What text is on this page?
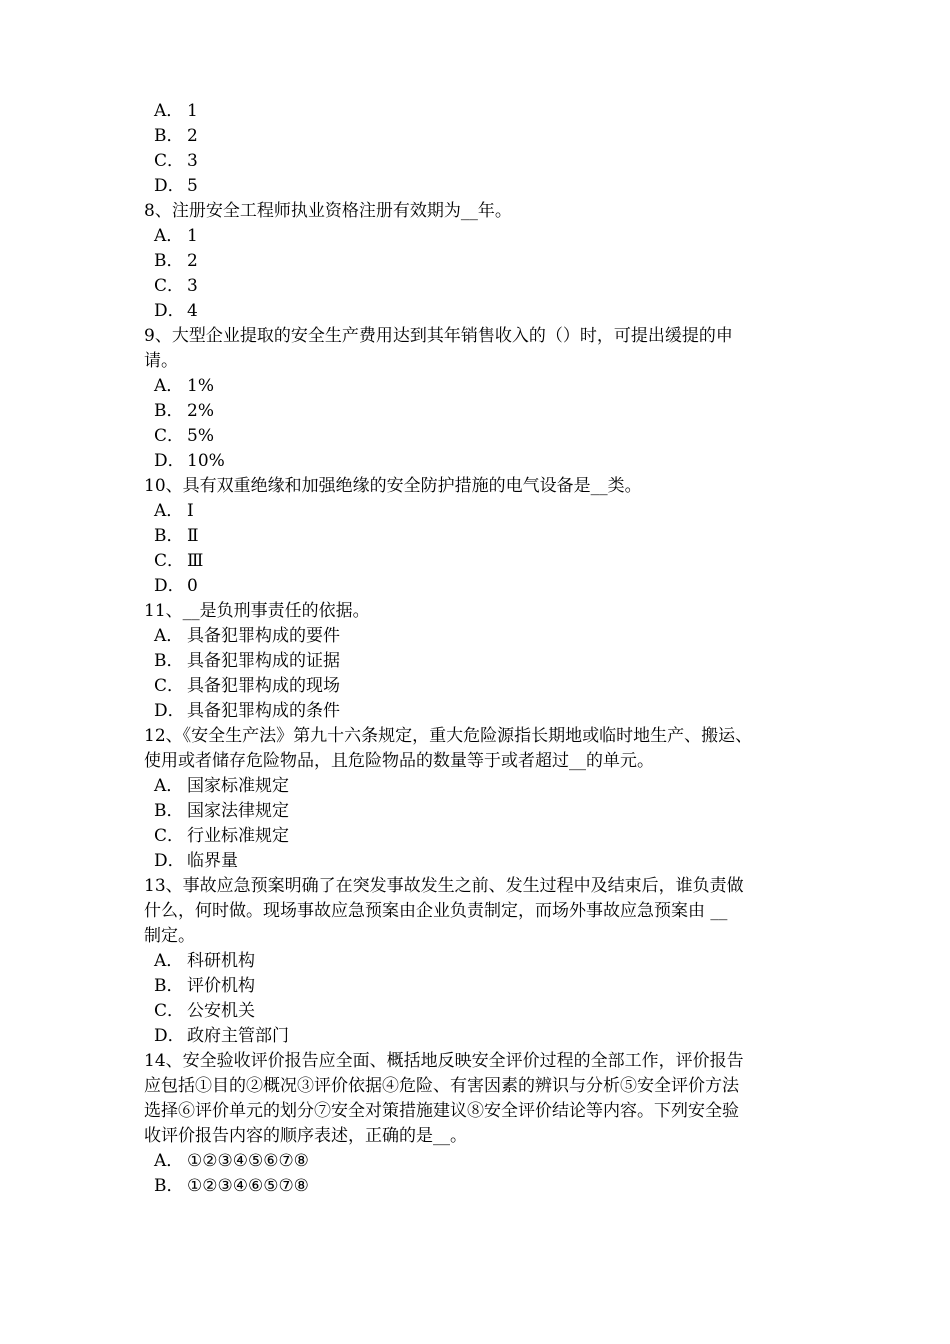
A． 1
B． 2
C． 3
D． 5
8、注册安全工程师执业资格注册有效期为__年。
A． 1
B． 2
C． 3
D． 4
9、大型企业提取的安全生产费用达到其年销售收入的（）时，可提出缓提的申
请。
A． 1%
B． 2%
C． 5%
D． 10%
10、具有双重绝缘和加强绝缘的安全防护措施的电气设备是__类。
A． Ⅰ
B． Ⅱ
C． Ⅲ
D． 0
11、__是负刑事责任的依据。
A． 具备犯罪构成的要件
B． 具备犯罪构成的证据
C． 具备犯罪构成的现场
D． 具备犯罪构成的条件
12、《安全生产法》第九十六条规定，重大危险源指长期地或临时地生产、搬运、
使用或者储存危险物品，且危险物品的数量等于或者超过__的单元。
A． 国家标准规定
B． 国家法律规定
C． 行业标准规定
D． 临界量
13、事故应急预案明确了在突发事故发生之前、发生过程中及结束后，谁负责做
什么，何时做。现场事故应急预案由企业负责制定，而场外事故应急预案由 __
制定。
A． 科研机构
B． 评价机构
C． 公安机关
D． 政府主管部门
14、安全验收评价报告应全面、概括地反映安全评价过程的全部工作，评价报告
应包括①目的②概况③评价依据④危险、有害因素的辨识与分析⑤安全评价方法
选择⑥评价单元的划分⑦安全对策措施建议⑧安全评价结论等内容。下列安全验
收评价报告内容的顺序表述，正确的是__。
A． ①②③④⑤⑥⑦⑧
B． ①②③④⑥⑤⑦⑧
